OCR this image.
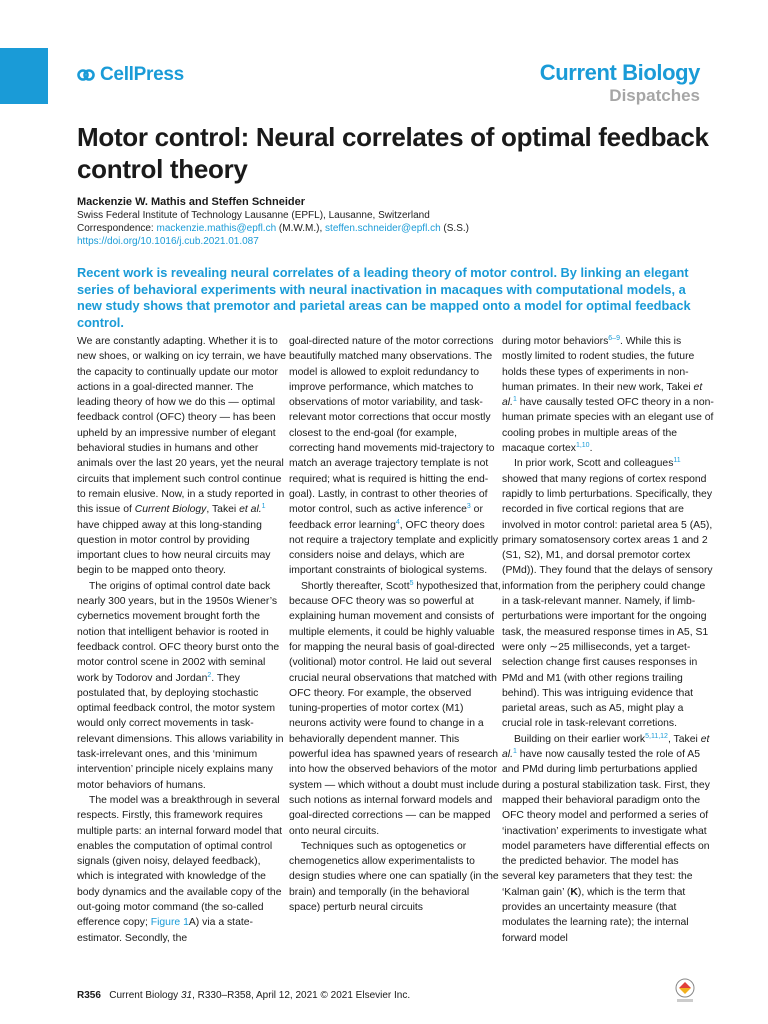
CellPress	Current Biology
Dispatches
Motor control: Neural correlates of optimal feedback control theory
Mackenzie W. Mathis and Steffen Schneider
Swiss Federal Institute of Technology Lausanne (EPFL), Lausanne, Switzerland
Correspondence: mackenzie.mathis@epfl.ch (M.W.M.), steffen.schneider@epfl.ch (S.S.)
https://doi.org/10.1016/j.cub.2021.01.087

Recent work is revealing neural correlates of a leading theory of motor control. By linking an elegant series of behavioral experiments with neural inactivation in macaques with computational models, a new study shows that premotor and parietal areas can be mapped onto a model for optimal feedback control.

We are constantly adapting. Whether it is to new shoes, or walking on icy terrain, we have the capacity to continually update our motor actions in a goal-directed manner. The leading theory of how we do this — optimal feedback control (OFC) theory — has been upheld by an impressive number of elegant behavioral studies in humans and other animals over the last 20 years, yet the neural circuits that implement such control continue to remain elusive. Now, in a study reported in this issue of Current Biology, Takei et al.$^1$ have chipped away at this long-standing question in motor control by providing important clues to how neural circuits may begin to be mapped onto theory.

The origins of optimal control date back nearly 300 years, but in the 1950s Wiener’s cybernetics movement brought forth the notion that intelligent behavior is rooted in feedback control. OFC theory burst onto the motor control scene in 2002 with seminal work by Todorov and Jordan$^2$. They postulated that, by deploying stochastic optimal feedback control, the motor system would only correct movements in task-relevant dimensions. This allows variability in task-irrelevant ones, and this ‘minimum intervention’ principle nicely explains many motor behaviors of humans.

The model was a breakthrough in several respects. Firstly, this framework requires multiple parts: an internal forward model that enables the computation of optimal control signals (given noisy, delayed feedback), which is integrated with knowledge of the body dynamics and the available copy of the out-going motor command (the so-called efference copy; Figure 1A) via a state-estimator. Secondly, the

goal-directed nature of the motor corrections beautifully matched many observations. The model is allowed to exploit redundancy to improve performance, which matches to observations of motor variability, and task-relevant motor corrections that occur mostly closest to the end-goal (for example, correcting hand movements mid-trajectory to match an average trajectory template is not required; what is required is hitting the end-goal). Lastly, in contrast to other theories of motor control, such as active inference$^3$ or feedback error learning$^4$, OFC theory does not require a trajectory template and explicitly considers noise and delays, which are important constraints of biological systems.

Shortly thereafter, Scott$^5$ hypothesized that, because OFC theory was so powerful at explaining human movement and consists of multiple elements, it could be highly valuable for mapping the neural basis of goal-directed (volitional) motor control. He laid out several crucial neural observations that matched with OFC theory. For example, the observed tuning-properties of motor cortex (M1) neurons activity were found to change in a behaviorally dependent manner. This powerful idea has spawned years of research into how the observed behaviors of the motor system — which without a doubt must include such notions as internal forward models and goal-directed corrections — can be mapped onto neural circuits.

Techniques such as optogenetics or chemogenetics allow experimentalists to design studies where one can spatially (in the brain) and temporally (in the behavioral space) perturb neural circuits

during motor behaviors$^{6-9}$. While this is mostly limited to rodent studies, the future holds these types of experiments in non-human primates. In their new work, Takei et al.$^1$ have causally tested OFC theory in a non-human primate species with an elegant use of cooling probes in multiple areas of the macaque cortex$^{1,10}$.

In prior work, Scott and colleagues$^{11}$ showed that many regions of cortex respond rapidly to limb perturbations. Specifically, they recorded in five cortical regions that are involved in motor control: parietal area 5 (A5), primary somatosensory cortex areas 1 and 2 (S1, S2), M1, and dorsal premotor cortex (PMd)). They found that the delays of sensory information from the periphery could change in a task-relevant manner. Namely, if limb-perturbations were important for the ongoing task, the measured response times in A5, S1 were only ∼25 milliseconds, yet a target-selection change first causes responses in PMd and M1 (with other regions trailing behind). This was intriguing evidence that parietal areas, such as A5, might play a crucial role in task-relevant corretions.

Building on their earlier work$^{5,11,12}$, Takei et al.$^1$ have now causally tested the role of A5 and PMd during limb perturbations applied during a postural stabilization task. First, they mapped their behavioral paradigm onto the OFC theory model and performed a series of ‘inactivation’ experiments to investigate what model parameters have differential effects on the predicted behavior. The model has several key parameters that they test: the ‘Kalman gain’ (K), which is the term that provides an uncertainty measure (that modulates the learning rate); the internal forward model

R356 Current Biology 31, R330–R358, April 12, 2021 © 2021 Elsevier Inc.
